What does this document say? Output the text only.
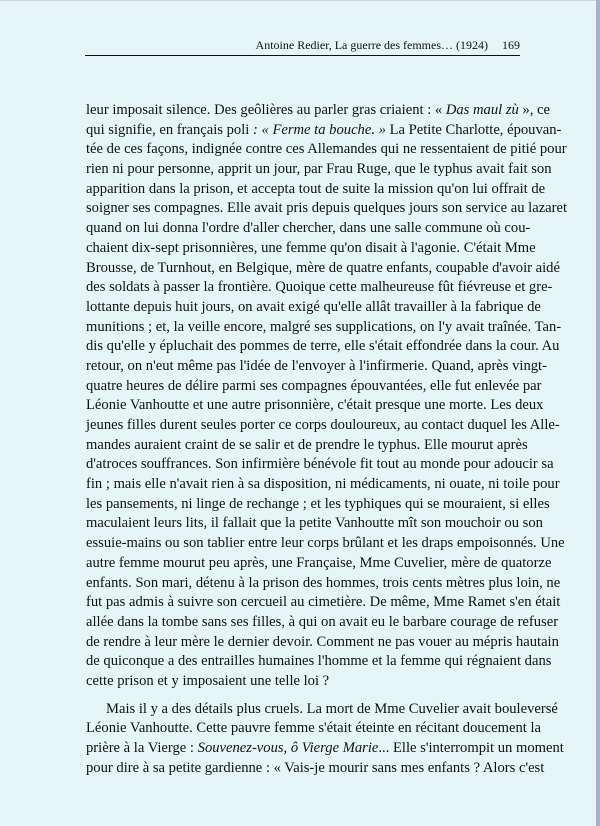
Antoine Redier, La guerre des femmes… (1924) 169
leur imposait silence. Des geôlières au parler gras criaient : « Das maul zù », ce
qui signifie, en français poli : « Ferme ta bouche. » La Petite Charlotte, épouvan-
tée de ces façons, indignée contre ces Allemandes qui ne ressentaient de pitié pour
rien ni pour personne, apprit un jour, par Frau Ruge, que le typhus avait fait son
apparition dans la prison, et accepta tout de suite la mission qu'on lui offrait de
soigner ses compagnes. Elle avait pris depuis quelques jours son service au lazaret
quand on lui donna l'ordre d'aller chercher, dans une salle commune où cou-
chaient dix-sept prisonnières, une femme qu'on disait à l'agonie. C'était Mme
Brousse, de Turnhout, en Belgique, mère de quatre enfants, coupable d'avoir aidé
des soldats à passer la frontière. Quoique cette malheureuse fût fiévreuse et gre-
lottante depuis huit jours, on avait exigé qu'elle allât travailler à la fabrique de
munitions ; et, la veille encore, malgré ses supplications, on l'y avait traînée. Tan-
dis qu'elle y épluchait des pommes de terre, elle s'était effondrée dans la cour. Au
retour, on n'eut même pas l'idée de l'envoyer à l'infirmerie. Quand, après vingt-
quatre heures de délire parmi ses compagnes épouvantées, elle fut enlevée par
Léonie Vanhoutte et une autre prisonnière, c'était presque une morte. Les deux
jeunes filles durent seules porter ce corps douloureux, au contact duquel les Alle-
mandes auraient craint de se salir et de prendre le typhus. Elle mourut après
d'atroces souffrances. Son infirmière bénévole fit tout au monde pour adoucir sa
fin ; mais elle n'avait rien à sa disposition, ni médicaments, ni ouate, ni toile pour
les pansements, ni linge de rechange ; et les typhiques qui se mouraient, si elles
maculaient leurs lits, il fallait que la petite Vanhoutte mît son mouchoir ou son
essuie-mains ou son tablier entre leur corps brûlant et les draps empoisonnés. Une
autre femme mourut peu après, une Française, Mme Cuvelier, mère de quatorze
enfants. Son mari, détenu à la prison des hommes, trois cents mètres plus loin, ne
fut pas admis à suivre son cercueil au cimetière. De même, Mme Ramet s'en était
allée dans la tombe sans ses filles, à qui on avait eu le barbare courage de refuser
de rendre à leur mère le dernier devoir. Comment ne pas vouer au mépris hautain
de quiconque a des entrailles humaines l'homme et la femme qui régnaient dans
cette prison et y imposaient une telle loi ?
Mais il y a des détails plus cruels. La mort de Mme Cuvelier avait bouleversé
Léonie Vanhoutte. Cette pauvre femme s'était éteinte en récitant doucement la
prière à la Vierge : Souvenez-vous, ô Vierge Marie... Elle s'interrompit un moment
pour dire à sa petite gardienne : « Vais-je mourir sans mes enfants ? Alors c'est
